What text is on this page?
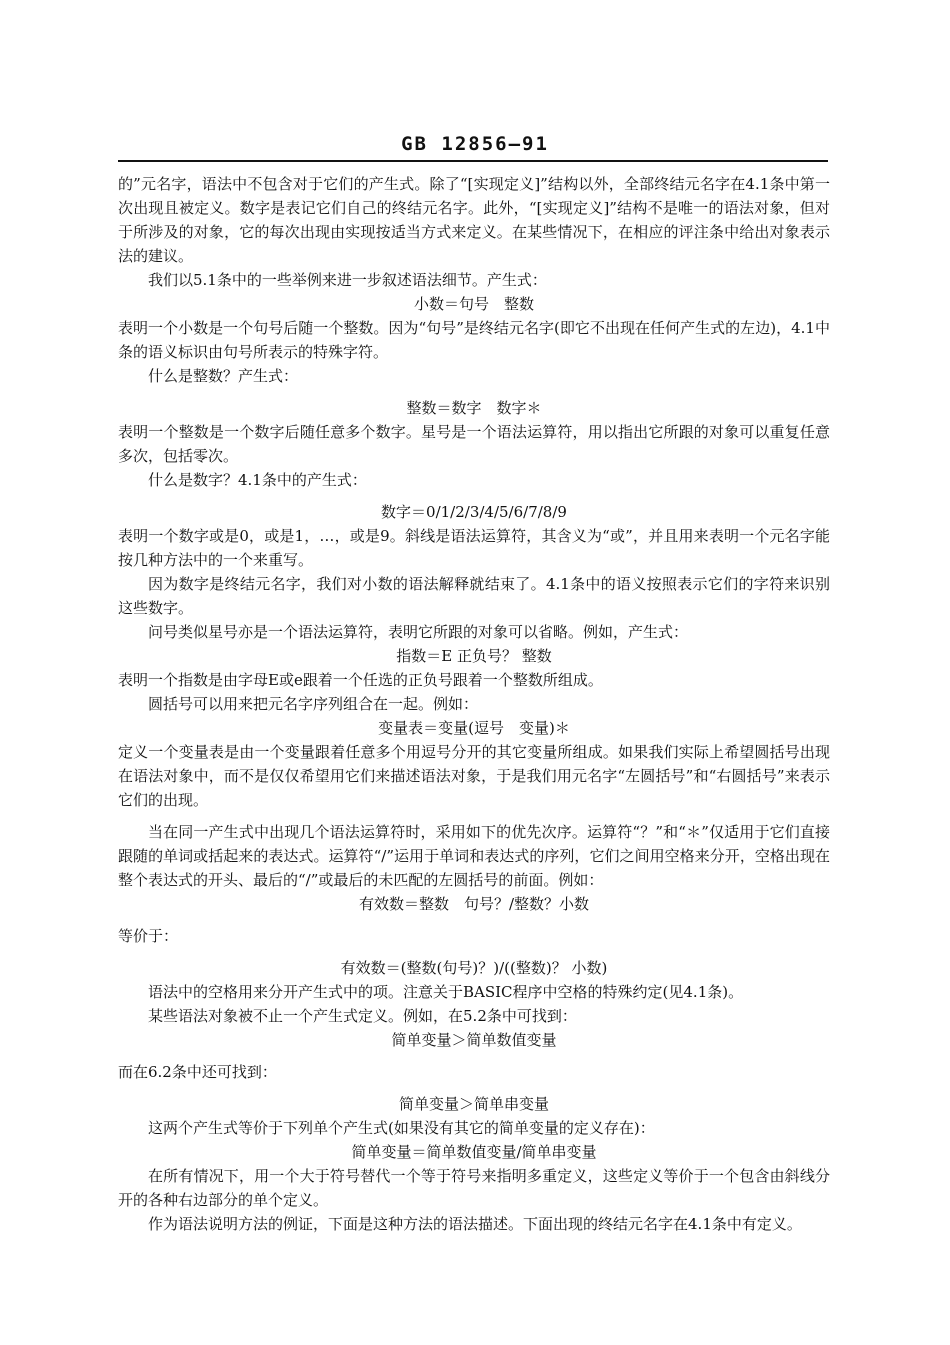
GB 12856—91

的”元名字，语法中不包含对于它们的产生式。除了“[实现定义]”结构以外，全部终结元名字在4.1条中第一次出现且被定义。数字是表记它们自己的终结元名字。此外，“[实现定义]”结构不是唯一的语法对象，但对于所涉及的对象，它的每次出现由实现按适当方式来定义。在某些情况下，在相应的评注条中给出对象表示法的建议。

我们以5.1条中的一些举例来进一步叙述语法细节。产生式：

小数＝句号　整数

表明一个小数是一个句号后随一个整数。因为“句号”是终结元名字(即它不出现在任何产生式的左边)，4.1中条的语义标识由句号所表示的特殊字符。

什么是整数？产生式：

整数＝数字　数字＊

表明一个整数是一个数字后随任意多个数字。星号是一个语法运算符，用以指出它所跟的对象可以重复任意多次，包括零次。

什么是数字？4.1条中的产生式：

数字＝0/1/2/3/4/5/6/7/8/9

表明一个数字或是0，或是1，…，或是9。斜线是语法运算符，其含义为“或”，并且用来表明一个元名字能按几种方法中的一个来重写。

因为数字是终结元名字，我们对小数的语法解释就结束了。4.1条中的语义按照表示它们的字符来识别这些数字。

问号类似星号亦是一个语法运算符，表明它所跟的对象可以省略。例如，产生式：

指数＝E 正负号？ 整数

表明一个指数是由字母E或e跟着一个任选的正负号跟着一个整数所组成。

圆括号可以用来把元名字序列组合在一起。例如：

变量表＝变量(逗号　变量)＊

定义一个变量表是由一个变量跟着任意多个用逗号分开的其它变量所组成。如果我们实际上希望圆括号出现在语法对象中，而不是仅仅希望用它们来描述语法对象，于是我们用元名字“左圆括号”和“右圆括号”来表示它们的出现。

当在同一产生式中出现几个语法运算符时，采用如下的优先次序。运算符“？”和“＊”仅适用于它们直接跟随的单词或括起来的表达式。运算符“/”运用于单词和表达式的序列，它们之间用空格来分开，空格出现在整个表达式的开头、最后的“/”或最后的未匹配的左圆括号的前面。例如：

有效数＝整数　句号？/整数？小数

等价于：

有效数＝(整数(句号)？)/((整数)？ 小数)

语法中的空格用来分开产生式中的项。注意关于BASIC程序中空格的特殊约定(见4.1条)。

某些语法对象被不止一个产生式定义。例如，在5.2条中可找到：

简单变量＞简单数值变量

而在6.2条中还可找到：

简单变量＞简单串变量

这两个产生式等价于下列单个产生式(如果没有其它的简单变量的定义存在)：

简单变量＝简单数值变量/简单串变量

在所有情况下，用一个大于符号替代一个等于符号来指明多重定义，这些定义等价于一个包含由斜线分开的各种右边部分的单个定义。

作为语法说明方法的例证，下面是这种方法的语法描述。下面出现的终结元名字在4.1条中有定义。
